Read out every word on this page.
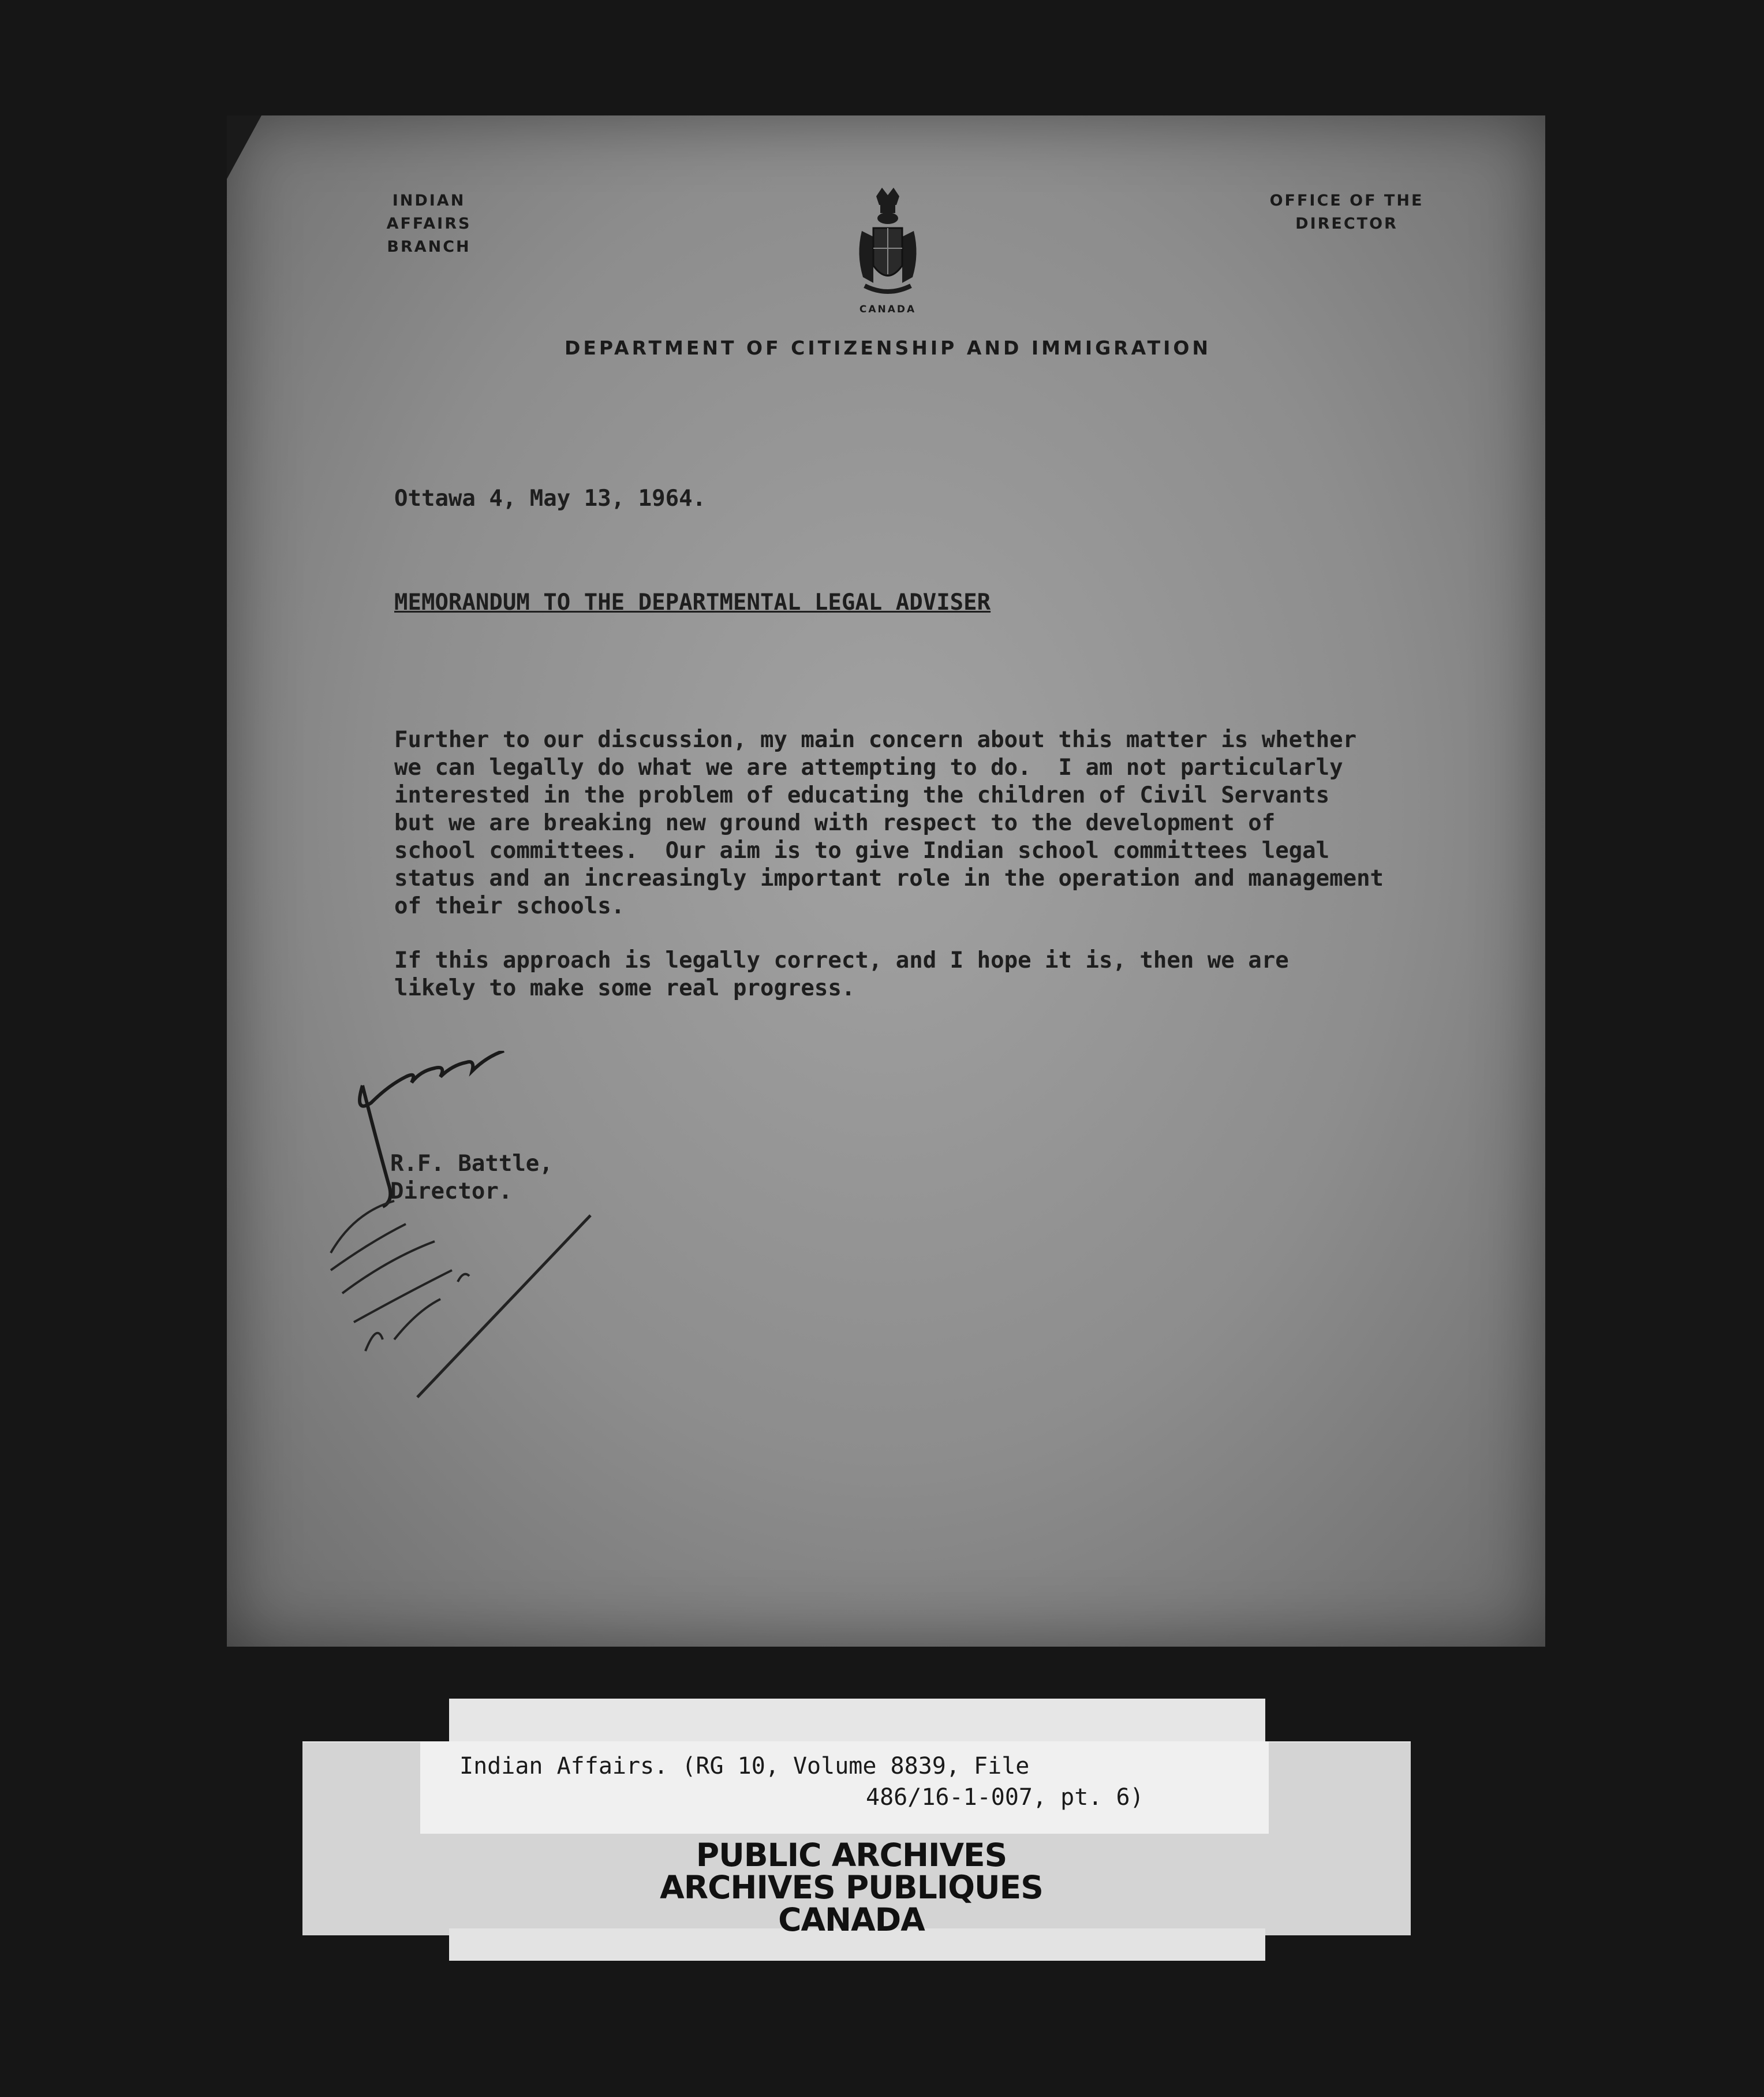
INDIAN AFFAIRS
BRANCH
OFFICE OF THE
DIRECTOR
CANADA
DEPARTMENT OF CITIZENSHIP AND IMMIGRATION
Ottawa 4, May 13, 1964.
MEMORANDUM TO THE DEPARTMENTAL LEGAL ADVISER
Further to our discussion, my main concern about this matter is whether
we can legally do what we are attempting to do.  I am not particularly
interested in the problem of educating the children of Civil Servants
but we are breaking new ground with respect to the development of
school committees.  Our aim is to give Indian school committees legal
status and an increasingly important role in the operation and management
of their schools.
If this approach is legally correct, and I hope it is, then we are
likely to make some real progress.
R.F. Battle,
Director.
Indian Affairs. (RG 10, Volume 8839, File
486/16-1-007, pt. 6)
PUBLIC ARCHIVES
ARCHIVES PUBLIQUES
CANADA
